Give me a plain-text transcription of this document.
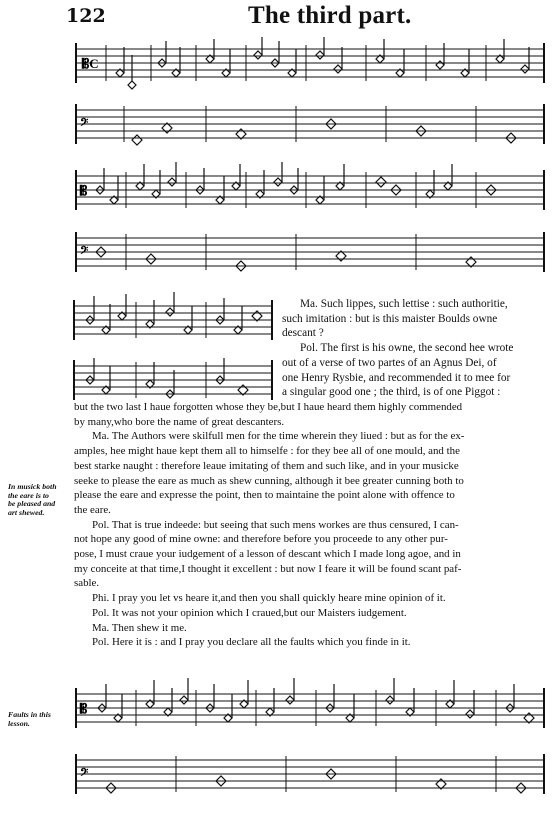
122	The third part.
𝄡C
𝄢
𝄡
𝄢
Ma. Such lippes, such lettise : such authoritie,
such imitation : but is this maister Boulds owne
descant ?
Pol. The first is his owne, the second hee wrote
out of a verse of two partes of an Agnus Dei, of
one Henry Rysbie, and recommended it to mee for
a singular good one ; the third, is of one Piggot :
but the two last I haue forgotten whose they be,but I haue heard them highly commended
by many,who bore the name of great descanters.
Ma. The Authors were skilfull men for the time wherein they liued : but as for the ex-
amples, hee might haue kept them all to himselfe : for they bee all of one mould, and the
best starke naught : therefore leaue imitating of them and such like, and in your musicke
seeke to please the eare as much as shew cunning, although it bee greater cunning both to
please the eare and expresse the point, then to maintaine the point alone with offence to
the eare.
Pol. That is true indeede: but seeing that such mens workes are thus censured, I can-
not hope any good of mine owne: and therefore before you proceede to any other pur-
pose, I must craue your iudgement of a lesson of descant which I made long agoe, and in
my conceite at that time,I thought it excellent : but now I feare it will be found scant paf-
sable.
Phi. I pray you let vs heare it,and then you shall quickly heare mine opinion of it.
Pol. It was not your opinion which I craued,but our Maisters iudgement.
Ma. Then shew it me.
Pol. Here it is : and I pray you declare all the faults which you finde in it.
In musick both
the eare is to
be pleased and
art shewed.
Faults in this
lesson.
𝄡
𝄢
